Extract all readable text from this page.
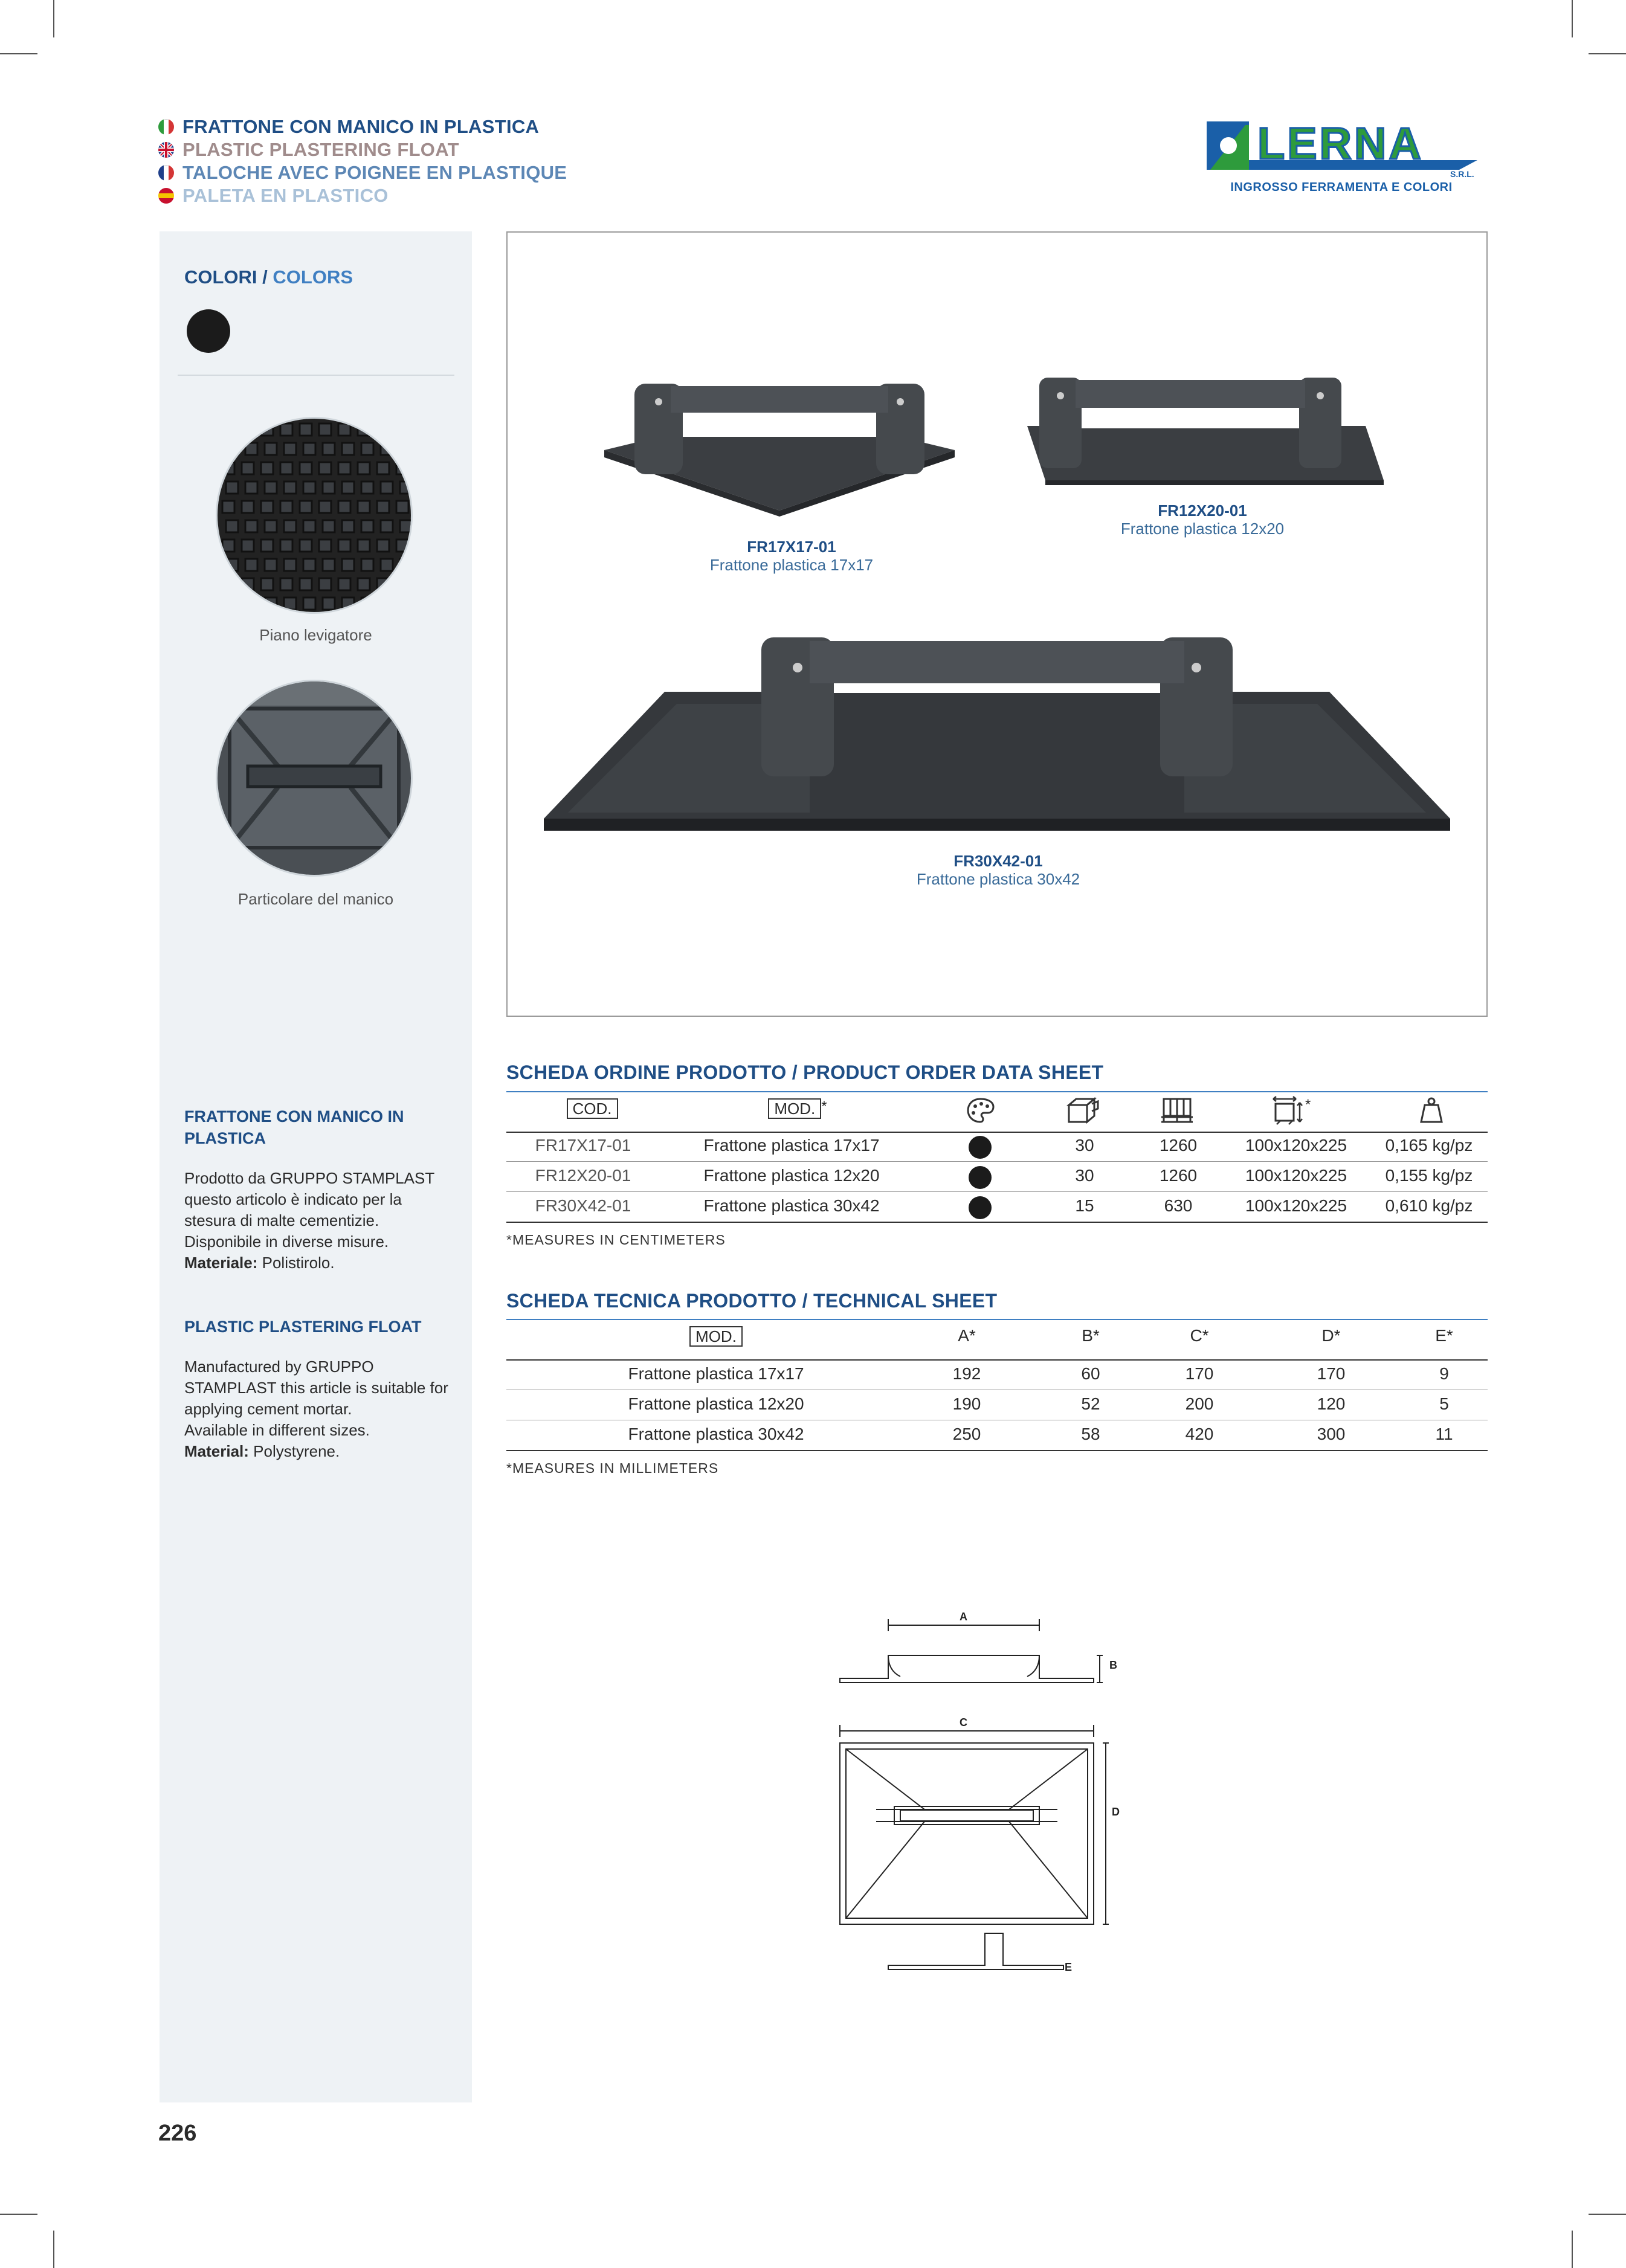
FRATTONE CON MANICO IN PLASTICA
PLASTIC PLASTERING FLOAT
TALOCHE AVEC POIGNEE EN PLASTIQUE
PALETA EN PLASTICO
LERNA
S.R.L.
INGROSSO FERRAMENTA E COLORI
COLORI / COLORS
Piano levigatore
Particolare del manico
FRATTONE CON MANICO IN PLASTICA
Prodotto da GRUPPO STAMPLAST questo articolo è indicato per la stesura di malte cementizie.
Disponibile in diverse misure.
Materiale: Polistirolo.
PLASTIC PLASTERING FLOAT
Manufactured by GRUPPO STAMPLAST this article is suitable for applying cement mortar.
Available in different sizes.
Material: Polystyrene.
FR17X17-01
Frattone plastica 17x17
FR12X20-01
Frattone plastica 12x20
FR30X42-01
Frattone plastica 30x42
SCHEDA ORDINE PRODOTTO / PRODUCT ORDER DATA SHEET
COD.	MOD. *	*
FR17X17-01	Frattone plastica 17x17	30	1260	100x120x225	0,165 kg/pz
FR12X20-01	Frattone plastica 12x20	30	1260	100x120x225	0,155 kg/pz
FR30X42-01	Frattone plastica 30x42	15	630	100x120x225	0,610 kg/pz
*MEASURES IN CENTIMETERS
SCHEDA TECNICA PRODOTTO / TECHNICAL SHEET
MOD.	A*	B*	C*	D*	E*
Frattone plastica 17x17	192	60	170	170	9
Frattone plastica 12x20	190	52	200	120	5
Frattone plastica 30x42	250	58	420	300	11
*MEASURES IN MILLIMETERS
A
B
C
D
E
226
